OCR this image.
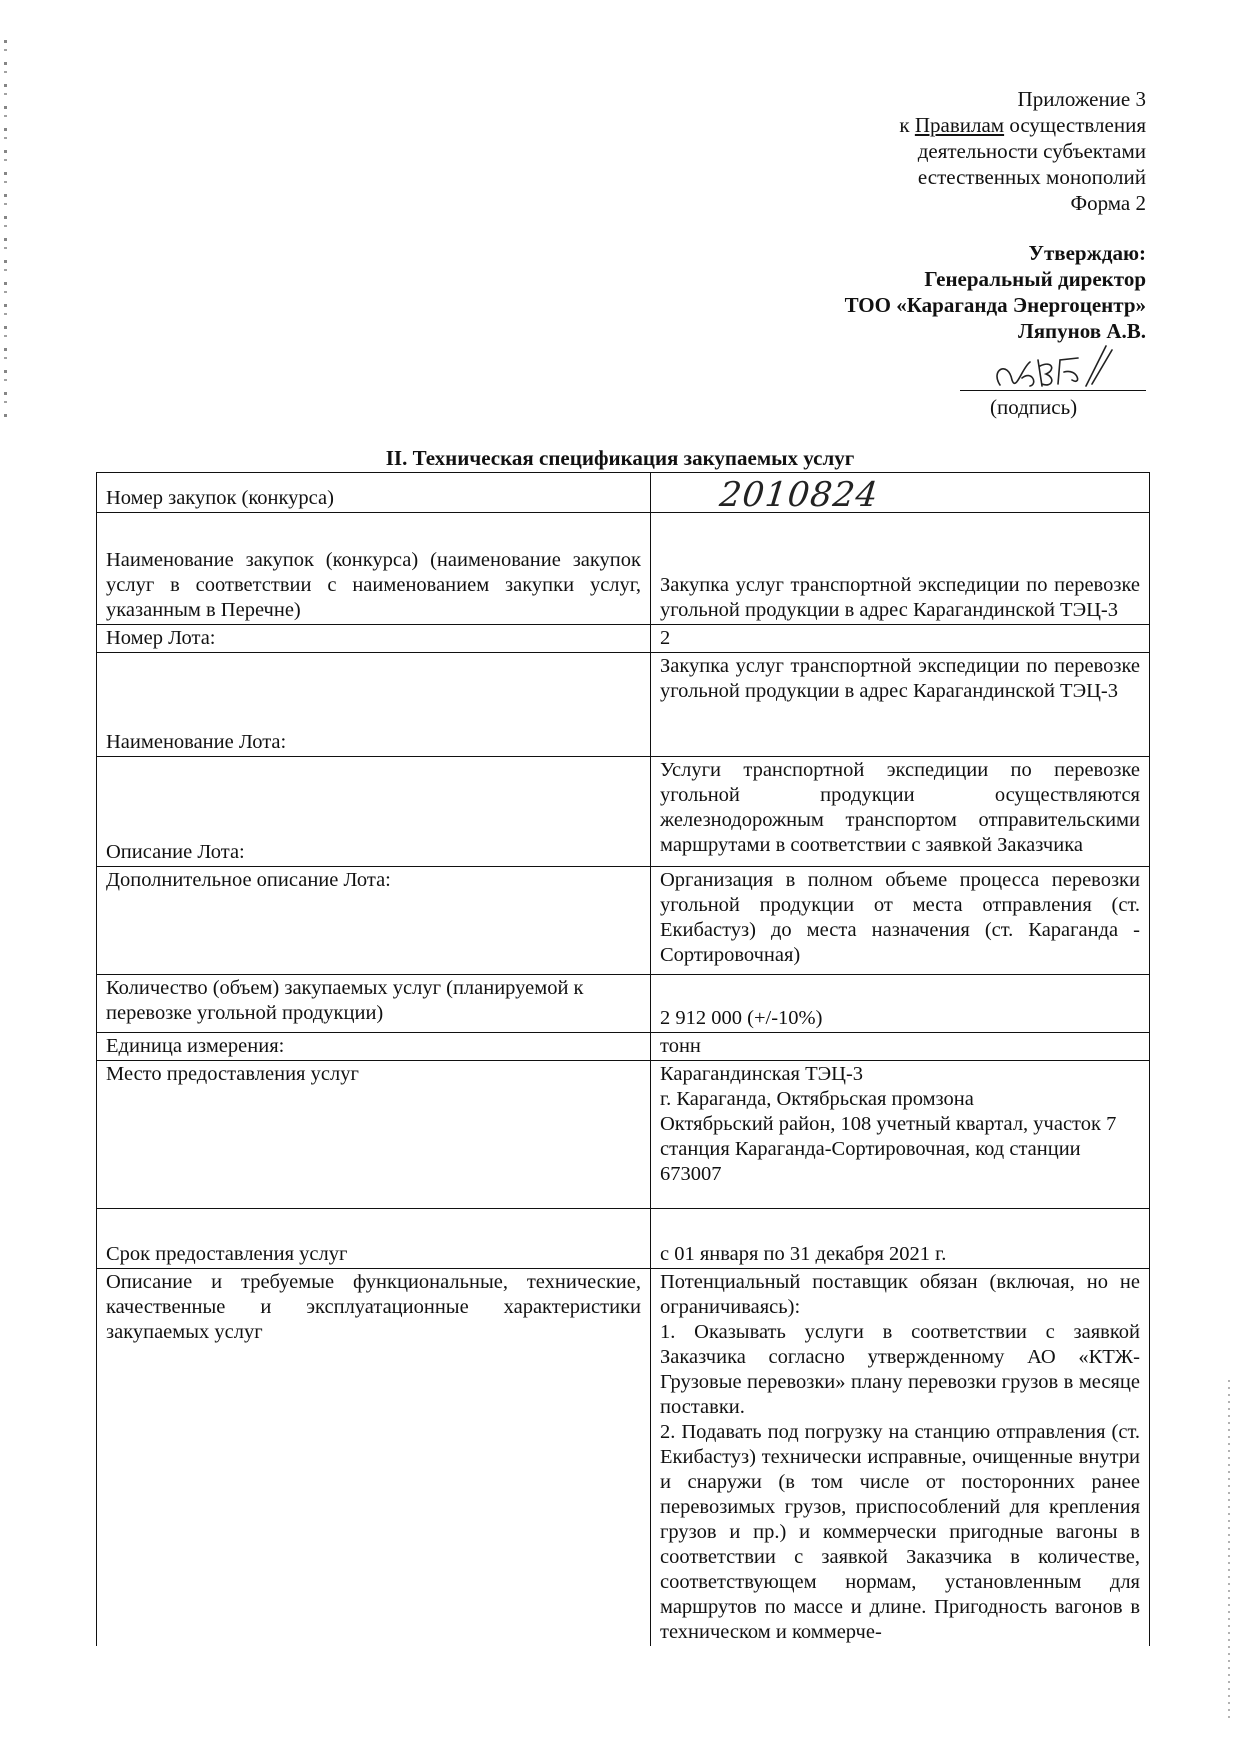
Приложение 3
к Правилам осуществления
деятельности субъектами
естественных монополий
Форма 2
Утверждаю:
Генеральный директор
ТОО «Караганда Энергоцентр»
Ляпунов А.В.
(подпись)
II. Техническая спецификация закупаемых услуг
Номер закупок (конкурса)	2010824
Наименование закупок (конкурса) (наименование закупок услуг в соответствии с наименованием закупки услуг, указанным в Перечне)	Закупка услуг транспортной экспедиции по перевозке угольной продукции в адрес Карагандинской ТЭЦ-3
Номер Лота:	2
Наименование Лота:	Закупка услуг транспортной экспедиции по перевозке угольной продукции в адрес Карагандинской ТЭЦ-3
Описание Лота:	Услуги транспортной экспедиции по перевозке угольной продукции осуществляются железнодорожным транспортом отправительскими маршрутами в соответствии с заявкой Заказчика
Дополнительное описание Лота:	Организация в полном объеме процесса перевозки угольной продукции от места отправления (ст. Екибастуз) до места назначения (ст. Караганда - Сортировочная)
Количество (объем) закупаемых услуг (планируемой к перевозке угольной продукции)	2 912 000 (+/-10%)
Единица измерения:	тонн
Место предоставления услуг	Карагандинская ТЭЦ-3
г. Караганда, Октябрьская промзона
Октябрьский район, 108 учетный квартал, участок 7
станция Караганда-Сортировочная, код станции 673007

Срок предоставления услуг	с 01 января по 31 декабря 2021 г.
Описание и требуемые функциональные, технические, качественные и эксплуатационные характеристики закупаемых услуг	Потенциальный поставщик обязан (включая, но не ограничиваясь):
1. Оказывать услуги в соответствии с заявкой Заказчика согласно утвержденному АО «КТЖ-Грузовые перевозки» плану перевозки грузов в месяце поставки.
2. Подавать под погрузку на станцию отправления (ст. Екибастуз) технически исправные, очищенные внутри и снаружи (в том числе от посторонних ранее перевозимых грузов, приспособлений для крепления грузов и пр.) и коммерчески пригодные вагоны в соответствии с заявкой Заказчика в количестве, соответствующем нормам, установленным для маршрутов по массе и длине. Пригодность вагонов в техническом и коммерче-
